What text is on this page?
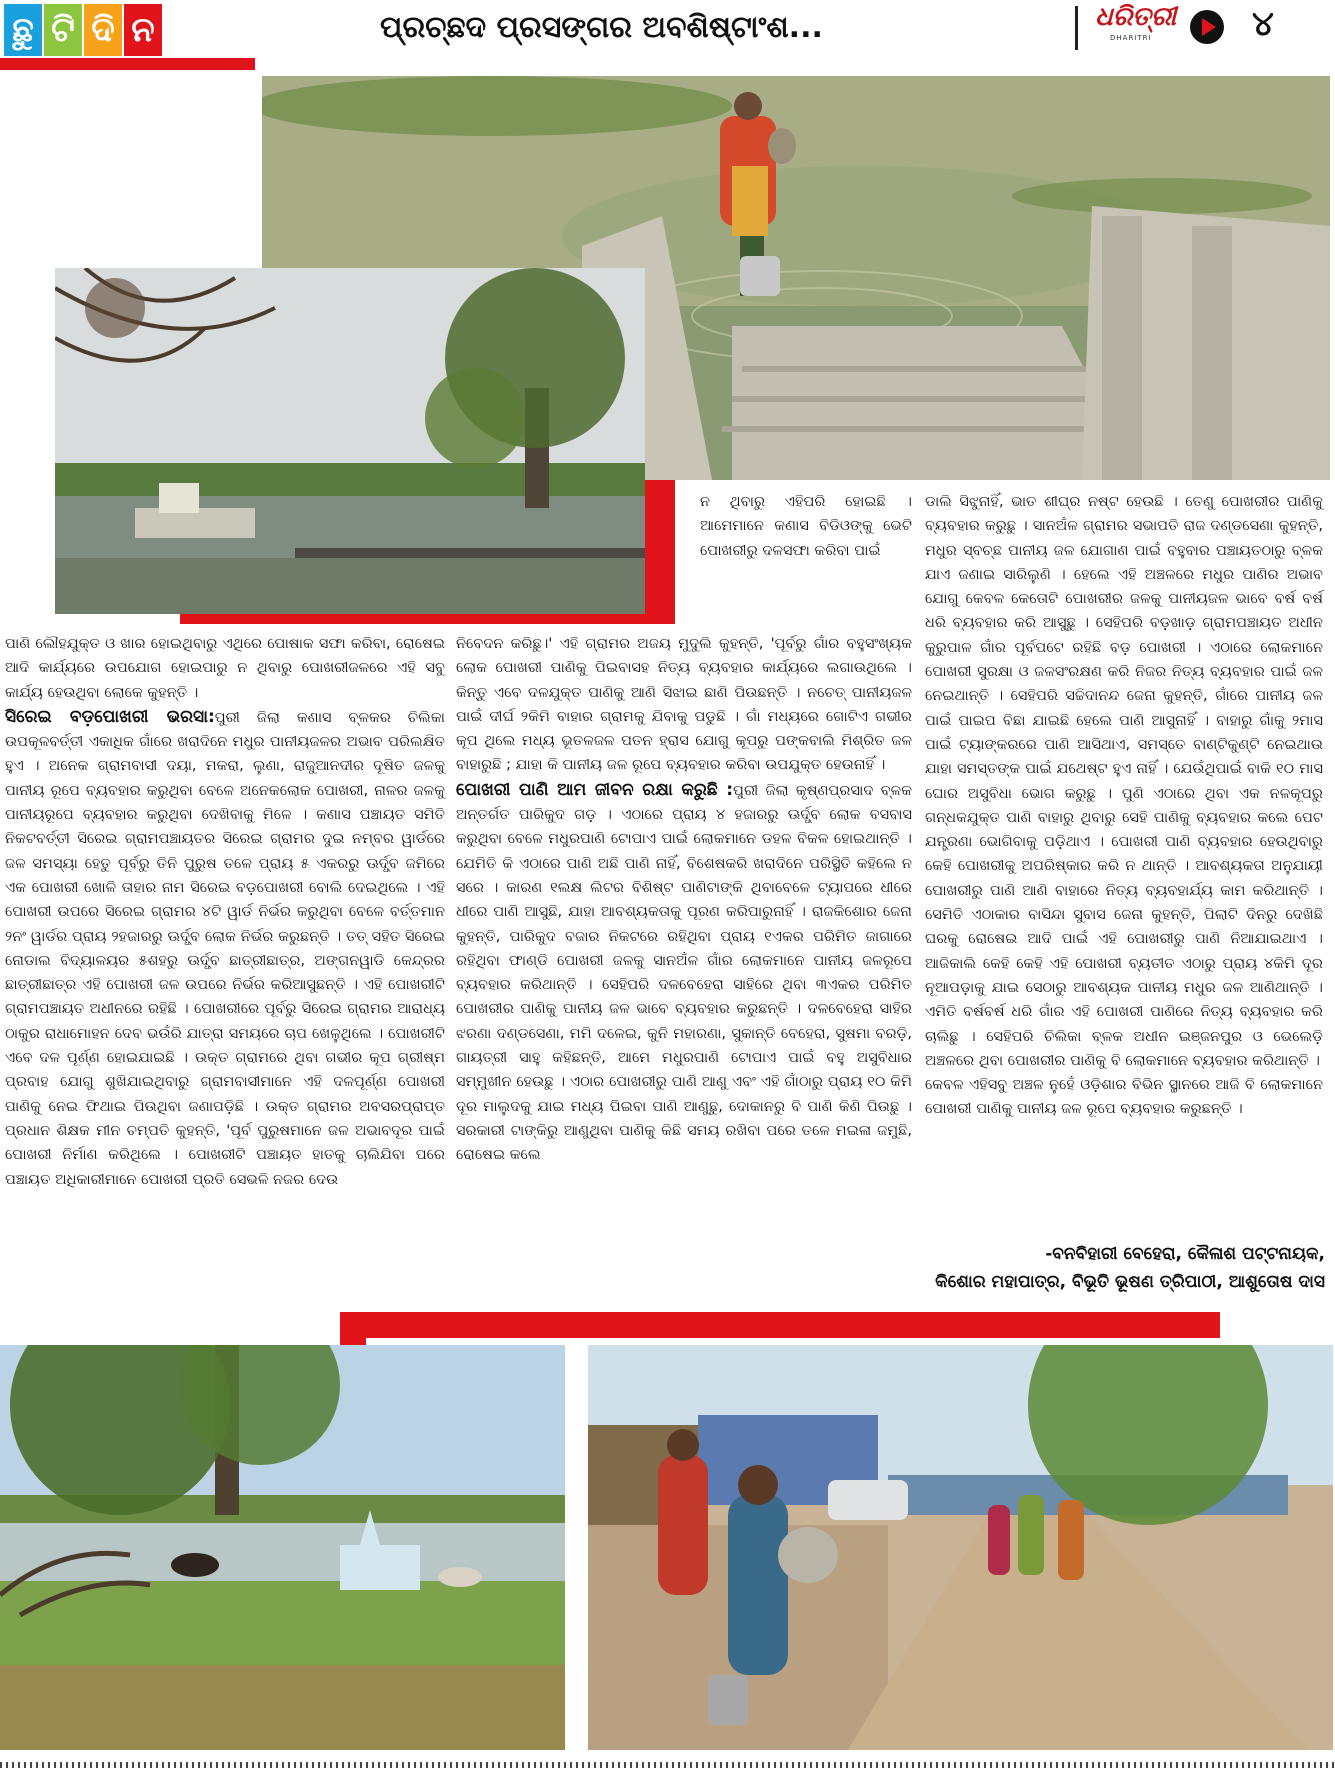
ଛୁ ଟି ଦି ନ	ପ୍ରଚ୍ଛଦ ପ୍ରସଙ୍ଗର ଅବଶିଷ୍ଟାଂଶ...	ଧରିତ୍ରୀ
DHARITRI	୪

ନ ଥିବାରୁ ଏହିପରି ହୋଇଛି । ଆମେମାନେ କଣାସ ବିଡିଓଙ୍କୁ ଭେଟି ପୋଖରୀରୁ ଦଳସଫା କରିବା ପାଇଁ

ଡାଲି ସିଝୁନାହିଁ, ଭାତ ଶୀଘ୍ର ନଷ୍ଟ ହେଉଛି । ତେଣୁ ପୋଖରୀର ପାଣିକୁ ବ୍ୟବହାର କରୁଛୁ । ସାନଅଁଳ ଗ୍ରାମର ସଭାପତି ରାଜ ଦଣ୍ଡସେଣା କୁହନ୍ତି, ମଧୁର ସ୍ବଚ୍ଛ ପାନୀୟ ଜଳ ଯୋଗାଣ ପାଇଁ ବହୁବାର ପଞ୍ଚାୟତଠାରୁ ବ୍ଳକ ଯାଏ ଜଣାଇ ସାରିଲୁଣି । ହେଲେ ଏହି ଅଞ୍ଚଳରେ ମଧୁର ପାଣିର ଅଭାବ ଯୋଗୁ କେବଳ କେତୋଟି ପୋଖରୀର ଜଳକୁ ପାନୀୟଜଳ ଭାବେ ବର୍ଷ ବର୍ଷ ଧରି ବ୍ୟବହାର କରି ଆସୁଛୁ । ସେହିପରି ବଡ଼ଖାଡ଼ ଗ୍ରାମପଞ୍ଚାୟତ ଅଧୀନ କୁରୁପାଳ ଗାଁର ପୂର୍ବପଟେ ରହିଛି ବଡ଼ ପୋଖରୀ । ଏଠାରେ ଲୋକମାନେ ପୋଖରୀ ସୁରକ୍ଷା ଓ ଜଳସଂରକ୍ଷଣ କରି ନିଜର ନିତ୍ୟ ବ୍ୟବହାର ପାଇଁ ଜଳ ନେଇଥାନ୍ତି । ସେହିପରି ସଚ୍ଚିଦାନନ୍ଦ ଜେନା କୁହନ୍ତି, ଗାଁରେ ପାନୀୟ ଜଳ ପାଇଁ ପାଇପ ବିଛା ଯାଇଛି ହେଲେ ପାଣି ଆସୁନାହିଁ । ବାହାରୁ ଗାଁକୁ ୨ମାସ ପାଇଁ ଟ୍ୟାଙ୍କରରେ ପାଣି ଆସିଥାଏ, ସମସ୍ତେ ବାଣ୍ଟିକୁଣ୍ଟି ନେଇଥାଉ ଯାହା ସମସ୍ତଙ୍କ ପାଇଁ ଯଥେଷ୍ଟ ହୁଏ ନାହିଁ । ଯେଉଁଥିପାଇଁ ବାକି ୧୦ ମାସ ଘୋର ଅସୁବିଧା ଭୋଗ କରୁଛୁ । ପୁଣି ଏଠାରେ ଥିବା ଏକ ନଳକୂପରୁ ଗନ୍ଧକଯୁକ୍ତ ପାଣି ବାହାରୁ ଥିବାରୁ ସେହି ପାଣିକୁ ବ୍ୟବହାର କଲେ ପେଟ ଯନ୍ତ୍ରଣା ଭୋଗିବାକୁ ପଡ଼ିଥାଏ । ପୋଖରୀ ପାଣି ବ୍ୟବହାର ହେଉଥିବାରୁ କେହି ପୋଖରୀକୁ ଅପରିଷ୍କାର କରି ନ ଥାନ୍ତି । ଆବଶ୍ୟକତା ଅନୁଯାୟୀ ପୋଖରୀରୁ ପାଣି ଆଣି ବାହାରେ ନିତ୍ୟ ବ୍ୟବହାର୍ଯ୍ୟ କାମ କରିଥାନ୍ତି । ସେମିତି ଏଠାକାର ବାସିନ୍ଦା ସୁବାସ ଜେନା କୁହନ୍ତି, ପିଲାଟି ଦିନରୁ ଦେଖିଛି ଘରକୁ ରୋଷେଇ ଆଦି ପାଇଁ ଏହି ପୋଖରୀରୁ ପାଣି ନିଆଯାଇଥାଏ । ଆଜିକାଲି କେହି କେହି ଏହି ପୋଖରୀ ବ୍ୟତୀତ ଏଠାରୁ ପ୍ରାୟ ୪କିମି ଦୂର ନୂଆପଡ଼ାକୁ ଯାଇ ସେଠାରୁ ଆବଶ୍ୟକ ପାନୀୟ ମଧୁର ଜଳ ଆଣିଥାନ୍ତି । ଏମିତି ବର୍ଷବର୍ଷ ଧରି ଗାଁର ଏହି ପୋଖରୀ ପାଣିରେ ନିତ୍ୟ ବ୍ୟବହାର କରି ଚାଲିଛୁ । ସେହିପରି ଚିଲିକା ବ୍ଳକ ଅଧୀନ ଇଞ୍ଜନପୁର ଓ ଭେଲେଡ଼ି ଅଞ୍ଚଳରେ ଥିବା ପୋଖରୀର ପାଣିକୁ ବି ଲୋକମାନେ ବ୍ୟବହାର କରିଥାନ୍ତି ।

କେବଳ ଏହିସବୁ ଅଞ୍ଚଳ ନୁହେଁ ଓଡ଼ିଶାର ବିଭିନ ସ୍ଥାନରେ ଆଜି ବି ଲୋକମାନେ ପୋଖରୀ ପାଣିକୁ ପାନୀୟ ଜଳ ରୂପେ ବ୍ୟବହାର କରୁଛନ୍ତି ।

ପାଣି ଲୌହଯୁକ୍ତ ଓ ଖାର ହୋଇଥିବାରୁ ଏଥିରେ ପୋଷାକ ସଫା କରିବା, ରୋଷେଇ ଆଦି କାର୍ଯ୍ୟରେ ଉପଯୋଗ ହୋଇପାରୁ ନ ଥିବାରୁ ପୋଖରୀଜଳରେ ଏହି ସବୁ କାର୍ଯ୍ୟ ହେଉଥିବା ଲୋକେ କୁହନ୍ତି ।

ସିରେଇ ବଡ଼ପୋଖରୀ ଭରସା:ପୁରୀ ଜିଲା କଣାସ ବ୍ଳକର ଚିଲିକା ଉପକୂଳବର୍ତ୍ତୀ ଏକାଧିକ ଗାଁରେ ଖରାଦିନେ ମଧୁର ପାନୀୟଜଳର ଅଭାବ ପରିଲକ୍ଷିତ ହୁଏ । ଅନେକ ଗ୍ରାମବାସୀ ଦୟା, ମକରା, ଲୁଣା, ରାଜୁଆନଦୀର ଦୂଷିତ ଜଳକୁ ପାନୀୟ ରୂପେ ବ୍ୟବହାର କରୁଥିବା ବେଳେ ଅନେକଲୋକ ପୋଖରୀ, ନାଳର ଜଳକୁ ପାନୀୟରୂପେ ବ୍ୟବହାର କରୁଥିବା ଦେଖିବାକୁ ମିଳେ । କଣାସ ପଞ୍ଚାୟତ ସମିତି ନିକଟବର୍ତ୍ତୀ ସିରେଇ ଗ୍ରାମପଞ୍ଚାୟତର ସିରେଇ ଗ୍ରାମର ଦୁଇ ନମ୍ବର ୱାର୍ଡରେ ଜଳ ସମସ୍ୟା ହେତୁ ପୂର୍ବରୁ ତିନି ପୁରୁଷ ତଳେ ପ୍ରାୟ ୫ ଏକରରୁ ଊର୍ଦ୍ଧ୍ବ ଜମିରେ ଏକ ପୋଖରୀ ଖୋଳି ତାହାର ନାମ ସିରେଇ ବଡ଼ପୋଖରୀ ବୋଲି ଦେଇଥିଲେ । ଏହି ପୋଖରୀ ଉପରେ ସିରେଇ ଗ୍ରାମର ୪ଟି ୱାର୍ଡ ନିର୍ଭର କରୁଥିବା ବେଳେ ବର୍ତ୍ତମାନ ୨ନଂ ୱାର୍ଡର ପ୍ରାୟ ୨ହଜାରରୁ ଊର୍ଦ୍ଧ୍ବ ଲୋକ ନିର୍ଭର କରୁଛନ୍ତି । ତତ୍ ସହିତ ସିରେଇ ନୋଡାଲ ବିଦ୍ୟାଳୟର ୫ଶହରୁ ଊର୍ଦ୍ଧ୍ବ ଛାତ୍ରୀଛାତ୍ର, ଅଙ୍ଗନୱାଡି କେନ୍ଦ୍ରର ଛାତ୍ରୀଛାତ୍ର ଏହି ପୋଖରୀ ଜଳ ଉପରେ ନିର୍ଭର କରିଆସୁଛନ୍ତି । ଏହି ପୋଖରୀଟି ଗ୍ରାମପଞ୍ଚାୟତ ଅଧୀନରେ ରହିଛି । ପୋଖରୀରେ ପୂର୍ବରୁ ସିରେଇ ଗ୍ରାମର ଆରାଧ୍ୟ ଠାକୁର ରାଧାମୋହନ ଦେବ ଭଉଁରି ଯାତ୍ରା ସମୟରେ ଚାପ ଖେଳୁଥିଲେ । ପୋଖରୀଟି ଏବେ ଦଳ ପୂର୍ଣ୍ଣ ହୋଇଯାଇଛି । ଉକ୍ତ ଗ୍ରାମରେ ଥିବା ଗଭୀର କୂପ ଗ୍ରୀଷ୍ମ ପ୍ରବାହ ଯୋଗୁ ଶୁଖିଯାଇଥିବାରୁ ଗ୍ରାମବାସୀମାନେ ଏହି ଦଳପୂର୍ଣ୍ଣ ପୋଖରୀ ପାଣିକୁ ନେଇ ଫିଥାଇ ପିଉଥିବା ଜଣାପଡ଼ିଛି । ଉକ୍ତ ଗ୍ରାମର ଅବସରପ୍ରାପ୍ତ ପ୍ରଧାନ ଶିକ୍ଷକ ମୀନ ଚମ୍ପତି କୁହନ୍ତି, 'ପୂର୍ବ ପୁରୁଷମାନେ ଜଳ ଅଭାବଦୂର ପାଇଁ ପୋଖରୀ ନିର୍ମାଣ କରିଥିଲେ । ପୋଖରୀଟି ପଞ୍ଚାୟତ ହାତକୁ ଚାଲିଯିବା ପରେ ପଞ୍ଚାୟତ ଅଧିକାରୀମାନେ ପୋଖରୀ ପ୍ରତି ସେଭଳି ନଜର ଦେଉ

ନିବେଦନ କରିଛୁ।' ଏହି ଗ୍ରାମର ଅଜୟ ମୁଦୁଲି କୁହନ୍ତି, 'ପୂର୍ବରୁ ଗାଁର ବହୁସଂଖ୍ୟକ ଲୋକ ପୋଖରୀ ପାଣିକୁ ପିଇବାସହ ନିତ୍ୟ ବ୍ୟବହାର କାର୍ଯ୍ୟରେ ଲଗାଉଥିଲେ । କିନ୍ତୁ ଏବେ ଦଳଯୁକ୍ତ ପାଣିକୁ ଆଣି ସିଝାଇ ଛାଣି ପିଉଛନ୍ତି । ନଚେତ୍ ପାନୀୟଜଳ ପାଇଁ ଦୀର୍ଘ ୨କିମି ବାହାର ଗ୍ରାମକୁ ଯିବାକୁ ପଡୁଛି । ଗାଁ ମଧ୍ୟରେ ଗୋଟିଏ ଗଭୀର କୂପ ଥିଲେ ମଧ୍ୟ ଭୂତଳଜଳ ପତନ ହ୍ରାସ ଯୋଗୁ କୂପରୁ ପଙ୍କବାଲି ମିଶ୍ରିତ ଜଳ ବାହାରୁଛି ; ଯାହା କି ପାନୀୟ ଜଳ ରୂପେ ବ୍ୟବହାର କରିବା ଉପଯୁକ୍ତ ହେଉନାହିଁ ।

ପୋଖରୀ ପାଣି ଆମ ଜୀବନ ରକ୍ଷା କରୁଛି :ପୁରୀ ଜିଲା କୃଷ୍ଣପ୍ରସାଦ ବ୍ଳକ ଅନ୍ତର୍ଗତ ପାରିକୁଦ ଗଡ଼ । ଏଠାରେ ପ୍ରାୟ ୪ ହଜାରରୁ ଊର୍ଦ୍ଧ୍ବ ଲୋକ ବସବାସ କରୁଥିବା ବେଳେ ମଧୁରପାଣି ଟୋପାଏ ପାଇଁ ଲୋକମାନେ ଡହଳ ବିକଳ ହୋଇଥାନ୍ତି । ଯେମିତି କି ଏଠାରେ ପାଣି ଅଛି ପାଣି ନାହିଁ, ବିଶେଷକରି ଖରାଦିନେ ପରିସ୍ଥିତି କହିଲେ ନ ସରେ । କାରଣ ୧ଲକ୍ଷ ଲିଟର ବିଶିଷ୍ଟ ପାଣିଟାଙ୍କି ଥିବାବେଳେ ଟ୍ୟାପରେ ଧୀରେ ଧୀରେ ପାଣି ଆସୁଛି, ଯାହା ଆବଶ୍ୟକତାକୁ ପୂରଣ କରିପାରୁନାହିଁ । ରାଜକିଶୋର ଜେନା କୁହନ୍ତି, ପାରିକୁଦ ବଜାର ନିକଟରେ ରହିଥିବା ପ୍ରାୟ ୧ଏକର ପରିମିତ ଜାଗାରେ ରହିଥିବା ଫାଣ୍ଡି ପୋଖରୀ ଜଳକୁ ସାନଅଁଳ ଗାଁର ଲୋକମାନେ ପାନୀୟ ଜଳରୂପେ ବ୍ୟବହାର କରିଥାନ୍ତି । ସେହିପରି ଦଳବେହେରା ସାହିରେ ଥିବା ୩ଏକର ପରିମିତ ପୋଖରୀର ପାଣିକୁ ପାନୀୟ ଜଳ ଭାବେ ବ୍ୟବହାର କରୁଛନ୍ତି । ଦଳବେହେରା ସାହିର ଝରଣା ଦଣ୍ଡସେଣା, ମମି ଦଳେଇ, କୁନି ମହାରଣା, ସୁକାନ୍ତି ବେହେରା, ସୁଷମା ବରଡ଼ି, ଗାୟତ୍ରୀ ସାହୁ କହିଛନ୍ତି, ଆମେ ମଧୁରପାଣି ଟୋପାଏ ପାଇଁ ବହୁ ଅସୁବିଧାର ସମ୍ମୁଖୀନ ହେଉଛୁ । ଏଠାର ପୋଖରୀରୁ ପାଣି ଆଣୁ ଏବଂ ଏହି ଗାଁଠାରୁ ପ୍ରାୟ ୧୦ କିମି ଦୂର ମାଲୁଦକୁ ଯାଇ ମଧ୍ୟ ପିଇବା ପାଣି ଆଣୁଛୁ, ଦୋକାନରୁ ବି ପାଣି କିଣି ପିଉଛୁ । ସରକାରୀ ଟାଙ୍କିରୁ ଆଣୁଥିବା ପାଣିକୁ କିଛି ସମୟ ରଖିବା ପରେ ତଳେ ମଇଳା ଜମୁଛି, ରୋଷେଇ କଲେ

-ବନବିହାରୀ ବେହେରା, କୈଳାଶ ପଟ୍ଟନାୟକ,
କିଶୋର ମହାପାତ୍ର, ବିଭୂତି ଭୂଷଣ ତ୍ରିପାଠୀ, ଆଶୁତୋଷ ଦାସ
